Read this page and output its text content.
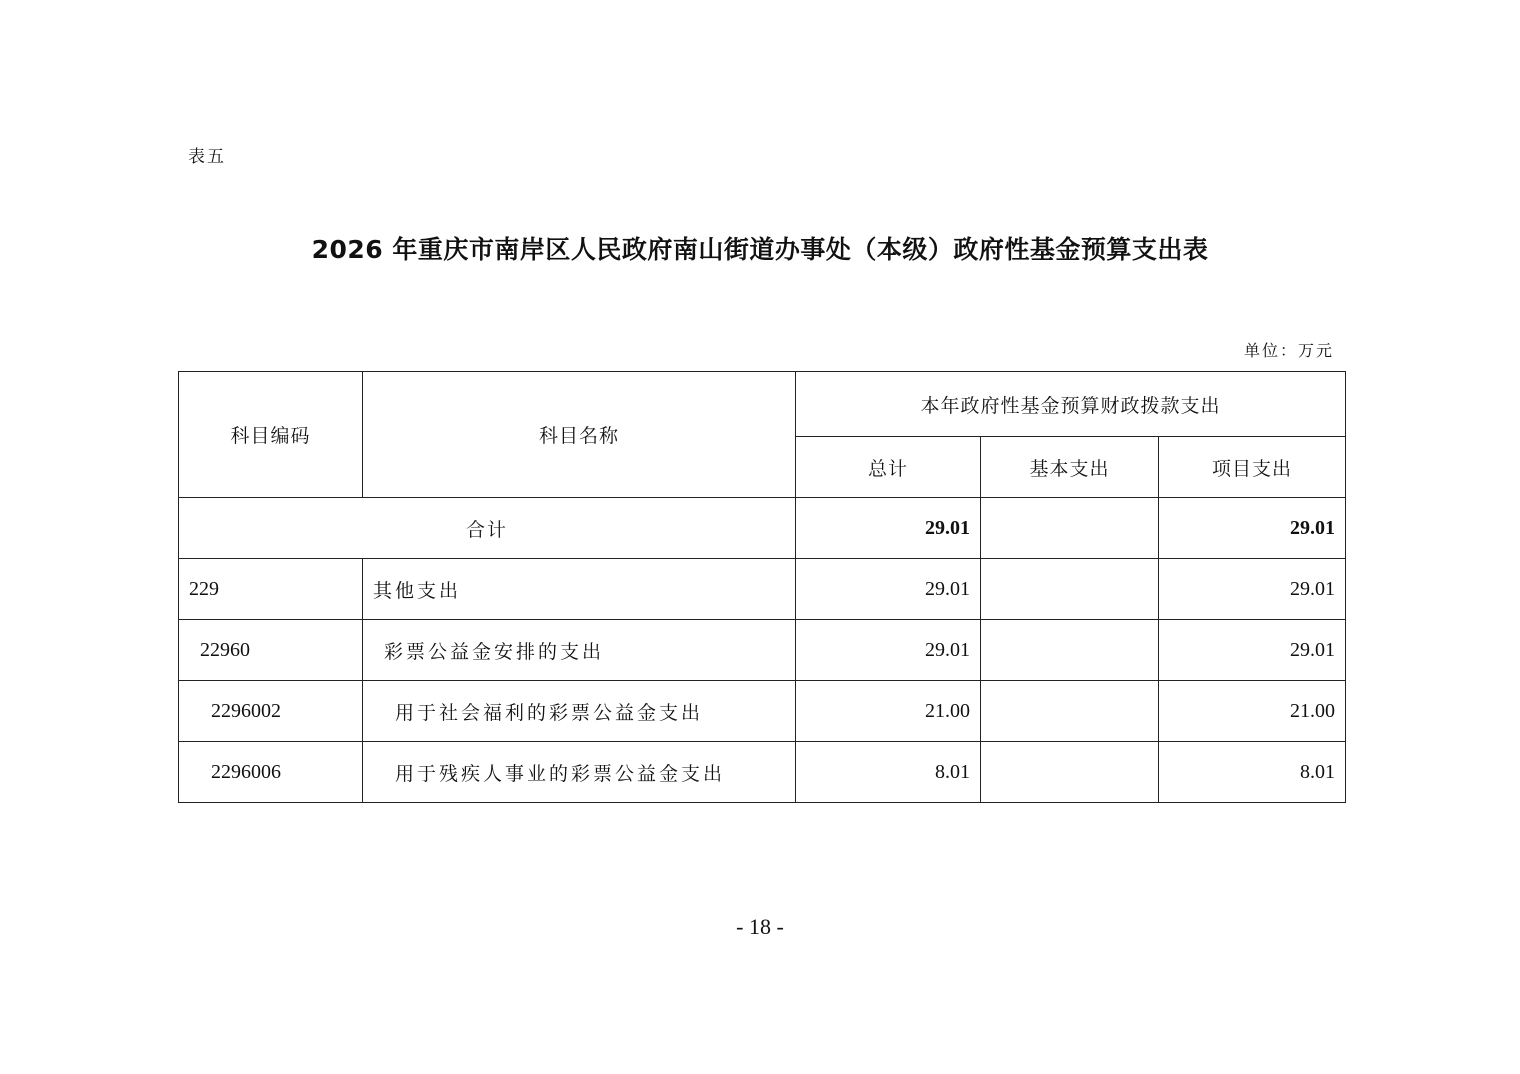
表五
2026 年重庆市南岸区人民政府南山街道办事处（本级）政府性基金预算支出表
单位：万元
科目编码	科目名称	本年政府性基金预算财政拨款支出		
		总计	基本支出	项目支出
合计		29.01		29.01
229	其他支出	29.01		29.01
22960	彩票公益金安排的支出	29.01		29.01
2296002	用于社会福利的彩票公益金支出	21.00		21.00
2296006	用于残疾人事业的彩票公益金支出	8.01		8.01
- 18 -
